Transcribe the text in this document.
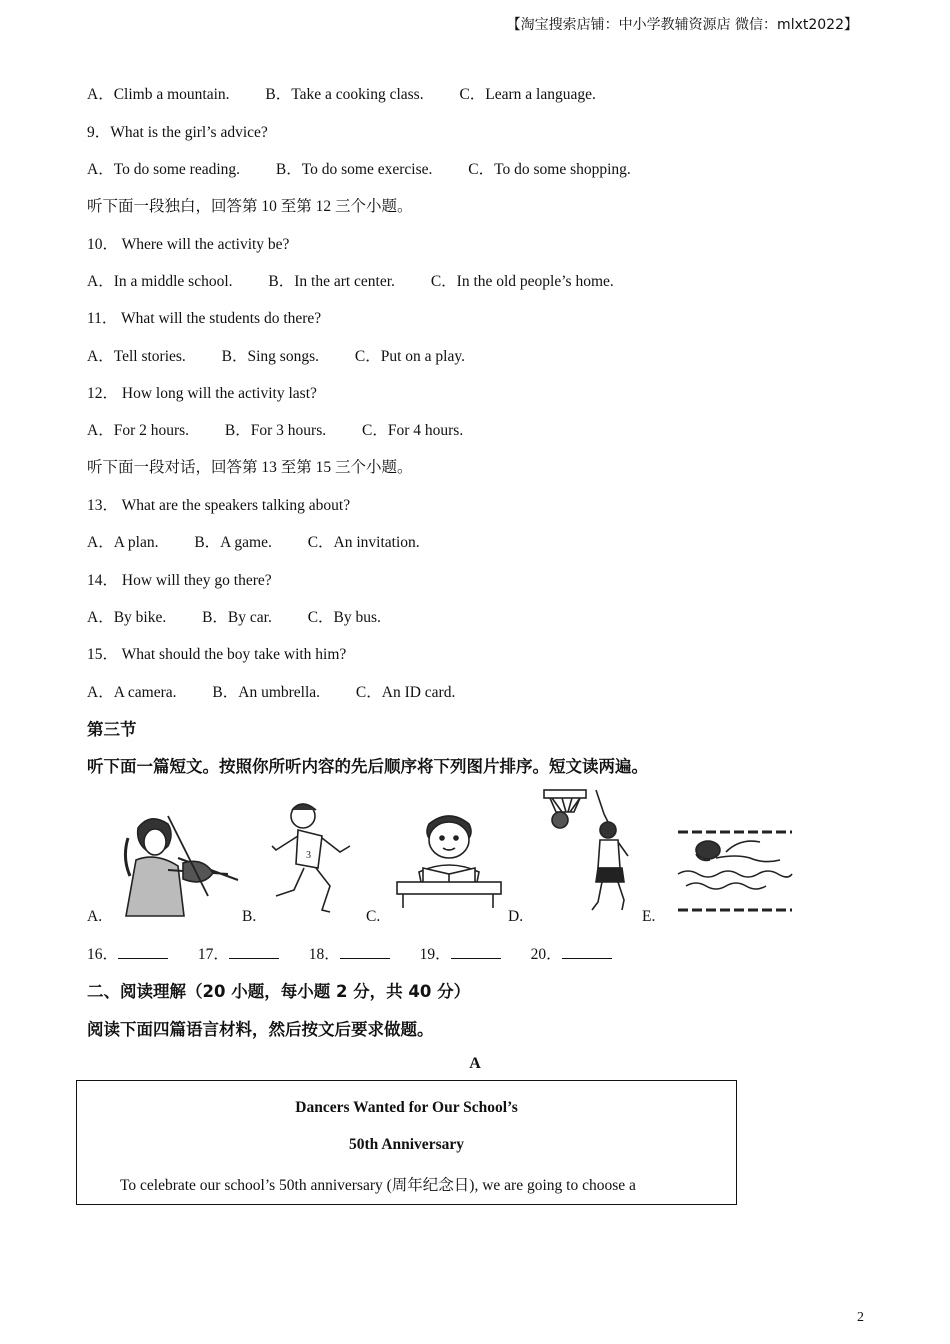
【淘宝搜索店铺：中小学教辅资源店 微信：mlxt2022】
A．Climb a mountain. B．Take a cooking class. C．Learn a language.
9．What is the girl’s advice?
A．To do some reading. B．To do some exercise. C．To do some shopping.
听下面一段独白，回答第 10 至第 12 三个小题。
10． Where will the activity be?
A．In a middle school. B．In the art center. C．In the old people’s home.
11． What will the students do there?
A．Tell stories. B．Sing songs. C．Put on a play.
12． How long will the activity last?
A．For 2 hours. B．For 3 hours. C．For 4 hours.
听下面一段对话，回答第 13 至第 15 三个小题。
13． What are the speakers talking about?
A．A plan. B．A game. C．An invitation.
14． How will they go there?
A．By bike. B．By car. C．By bus.
15． What should the boy take with him?
A．A camera. B．An umbrella. C．An ID card.
第三节
听下面一篇短文。按照你所听内容的先后顺序将下列图片排序。短文读两遍。
A.	B.
3
C.	D.	E.
16．	17．	18．	19．	20．
二、阅读理解（20 小题，每小题 2 分，共 40 分）
阅读下面四篇语言材料，然后按文后要求做题。
A
Dancers Wanted for Our School’s
50th Anniversary
To celebrate our school’s 50th anniversary (周年纪念日), we are going to choose a
2
